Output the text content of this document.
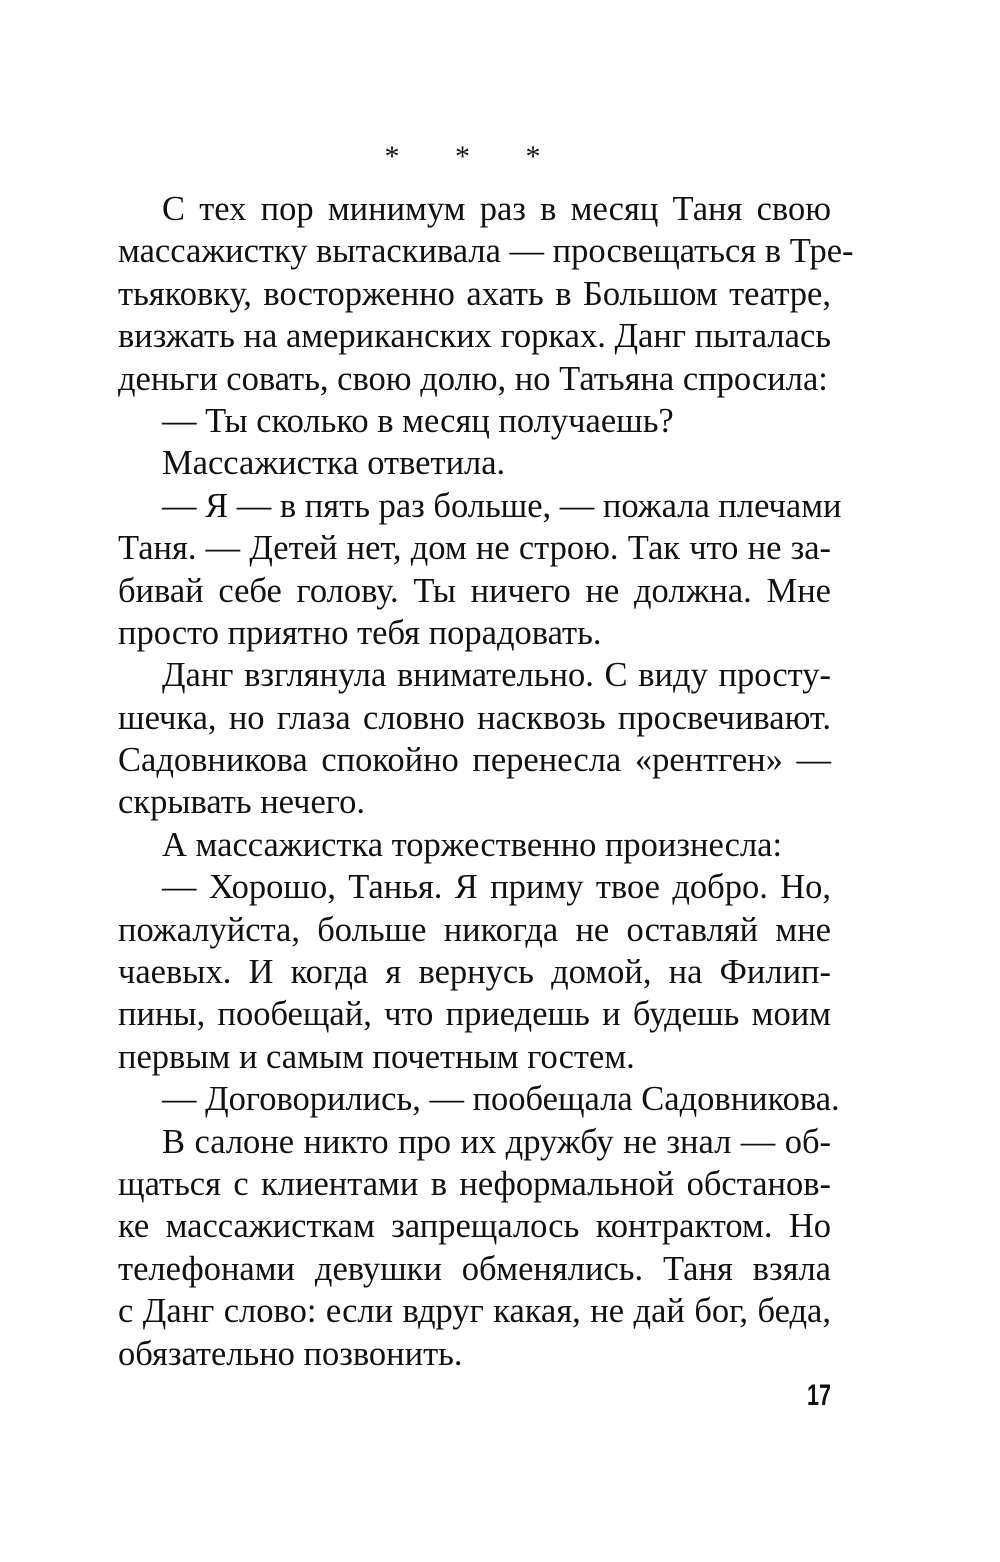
* * *
С тех пор минимум раз в месяц Таня свою
массажистку вытаскивала — просвещаться в Тре-
тьяковку, восторженно ахать в Большом театре,
визжать на американских горках. Данг пыталась
деньги совать, свою долю, но Татьяна спросила:
— Ты сколько в месяц получаешь?
Массажистка ответила.
— Я — в пять раз больше, — пожала плечами
Таня. — Детей нет, дом не строю. Так что не за-
бивай себе голову. Ты ничего не должна. Мне
просто приятно тебя порадовать.
Данг взглянула внимательно. С виду просту-
шечка, но глаза словно насквозь просвечивают.
Садовникова спокойно перенесла «рентген» —
скрывать нечего.
А массажистка торжественно произнесла:
— Хорошо, Танья. Я приму твое добро. Но,
пожалуйста, больше никогда не оставляй мне
чаевых. И когда я вернусь домой, на Филип-
пины, пообещай, что приедешь и будешь моим
первым и самым почетным гостем.
— Договорились, — пообещала Садовникова.
В салоне никто про их дружбу не знал — об-
щаться с клиентами в неформальной обстанов-
ке массажисткам запрещалось контрактом. Но
телефонами девушки обменялись. Таня взяла
с Данг слово: если вдруг какая, не дай бог, беда,
обязательно позвонить.
17
